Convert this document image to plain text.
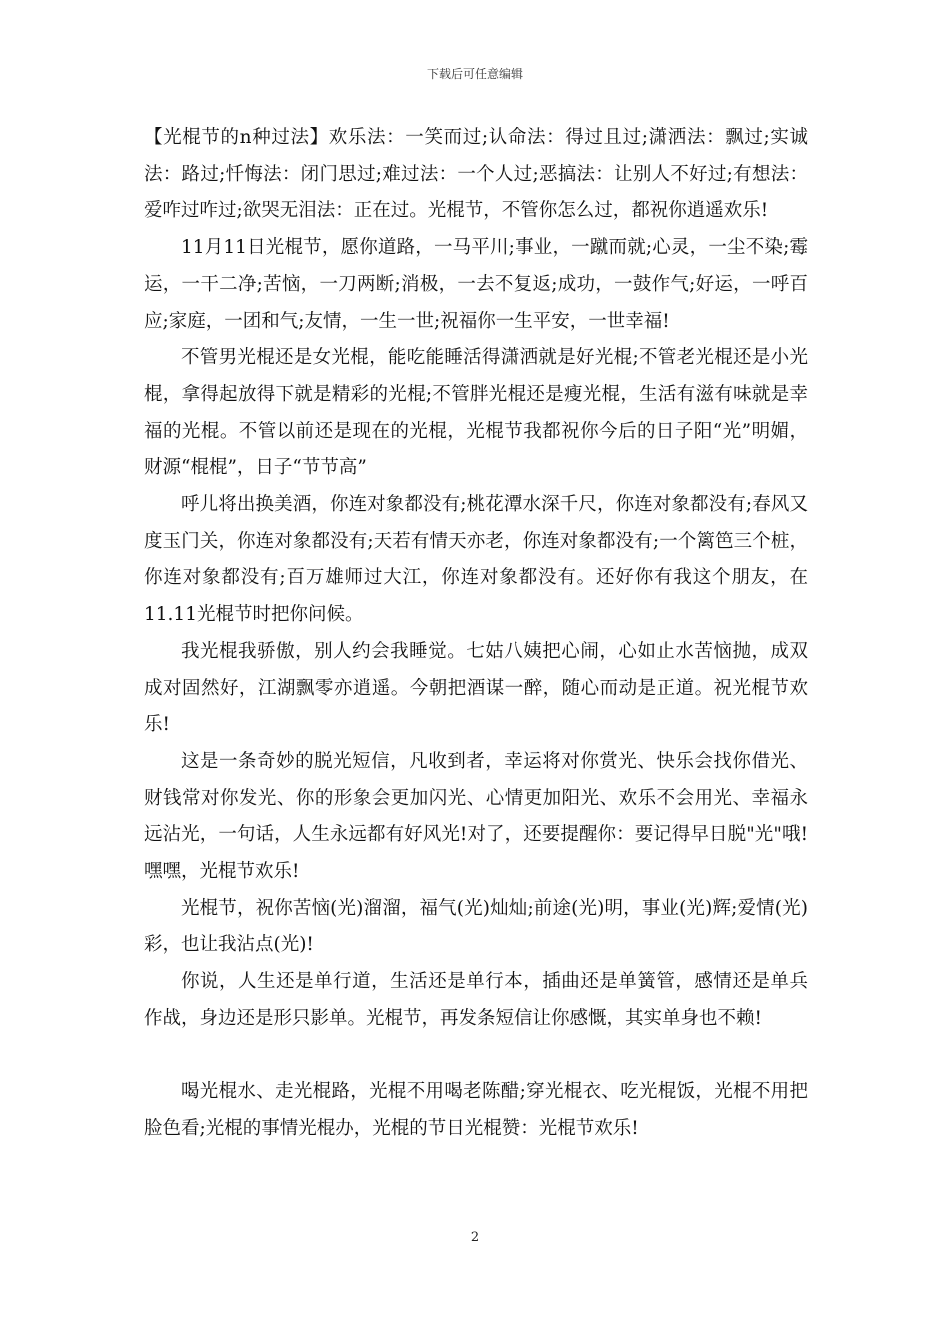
下载后可任意编辑

【光棍节的n种过法】欢乐法：一笑而过;认命法：得过且过;潇洒法：飘过;实诚法：路过;忏悔法：闭门思过;难过法：一个人过;恶搞法：让别人不好过;有想法：爱咋过咋过;欲哭无泪法：正在过。光棍节，不管你怎么过，都祝你逍遥欢乐!

11月11日光棍节，愿你道路，一马平川;事业，一蹴而就;心灵，一尘不染;霉运，一干二净;苦恼，一刀两断;消极，一去不复返;成功，一鼓作气;好运，一呼百应;家庭，一团和气;友情，一生一世;祝福你一生平安，一世幸福!

不管男光棍还是女光棍，能吃能睡活得潇洒就是好光棍;不管老光棍还是小光棍，拿得起放得下就是精彩的光棍;不管胖光棍还是瘦光棍，生活有滋有味就是幸福的光棍。不管以前还是现在的光棍，光棍节我都祝你今后的日子阳“光”明媚，财源“棍棍”，日子“节节高”

呼儿将出换美酒，你连对象都没有;桃花潭水深千尺，你连对象都没有;春风又度玉门关，你连对象都没有;天若有情天亦老，你连对象都没有;一个篱笆三个桩，你连对象都没有;百万雄师过大江，你连对象都没有。还好你有我这个朋友，在11.11光棍节时把你问候。

我光棍我骄傲，别人约会我睡觉。七姑八姨把心闹，心如止水苦恼抛，成双成对固然好，江湖飘零亦逍遥。今朝把酒谋一醉，随心而动是正道。祝光棍节欢乐!

这是一条奇妙的脱光短信，凡收到者，幸运将对你赏光、快乐会找你借光、财钱常对你发光、你的形象会更加闪光、心情更加阳光、欢乐不会用光、幸福永远沾光，一句话，人生永远都有好风光!对了，还要提醒你：要记得早日脱"光"哦!嘿嘿，光棍节欢乐!

光棍节，祝你苦恼(光)溜溜，福气(光)灿灿;前途(光)明，事业(光)辉;爱情(光)彩，也让我沾点(光)!

你说，人生还是单行道，生活还是单行本，插曲还是单簧管，感情还是单兵作战，身边还是形只影单。光棍节，再发条短信让你感慨，其实单身也不赖!

喝光棍水、走光棍路，光棍不用喝老陈醋;穿光棍衣、吃光棍饭，光棍不用把脸色看;光棍的事情光棍办，光棍的节日光棍赞：光棍节欢乐!

2
